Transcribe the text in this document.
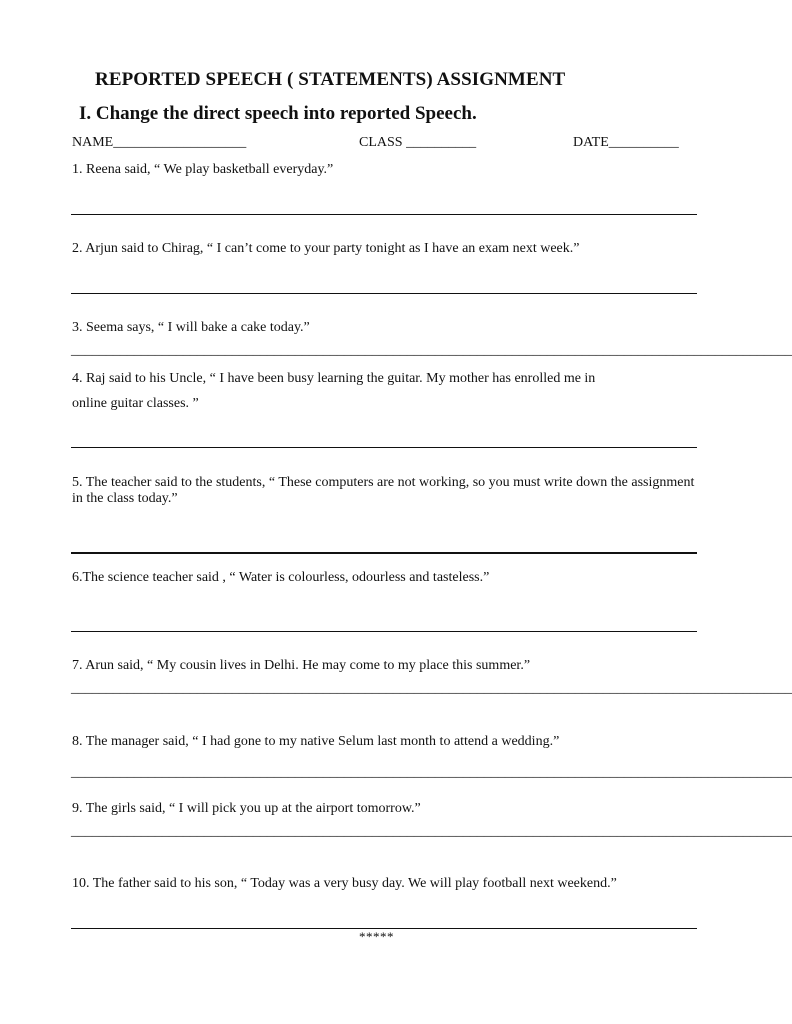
REPORTED SPEECH ( STATEMENTS) ASSIGNMENT
I. Change the direct speech into reported Speech.
NAME___________________	CLASS __________	DATE__________
1. Reena said, “ We play basketball everyday.”
2. Arjun said to Chirag, “ I can’t come to your party tonight as I have an exam next week.”
3. Seema says, “ I will bake a cake today.”
_______________________________________________________________________________________________________
4. Raj said to his Uncle, “ I have been busy learning the guitar. My mother has enrolled me in
online guitar classes. ”
5. The teacher said to the students, “ These computers are not working, so you must write down the assignment in the class today.”
6.The science teacher said , “ Water is colourless, odourless and tasteless.”
7. Arun said, “ My cousin lives in Delhi. He may come to my place this summer.”
_______________________________________________________________________________________________________
8. The manager said, “ I had gone to my native Selum last month to attend a wedding.”
_______________________________________________________________________________________________________
9. The girls said, “ I will pick you up at the airport tomorrow.”
_______________________________________________________________________________________________________
10. The father said to his son, “ Today was a very busy day. We will play football next weekend.”
*****
